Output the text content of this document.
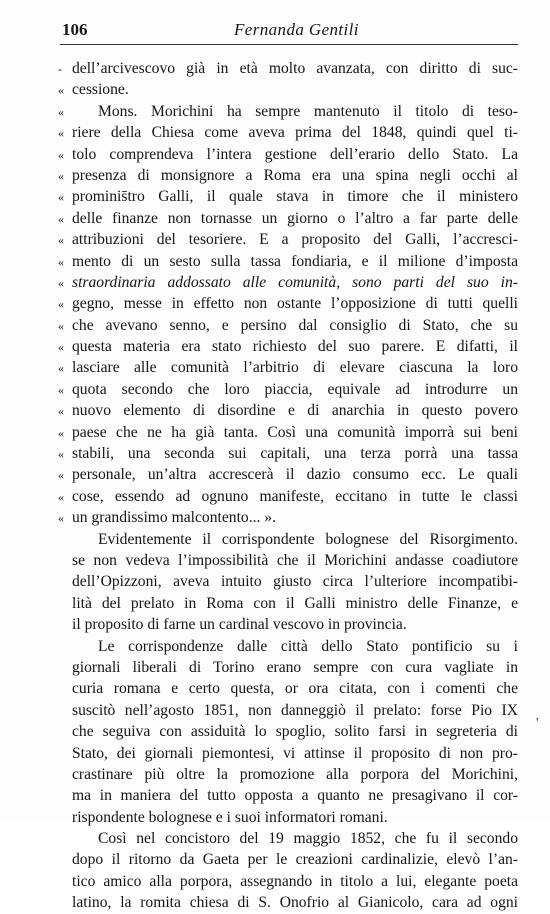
106	Fernanda Gentili
- dell’arcivescovo già in età molto avanzata, con diritto di suc-
« cessione.
«	Mons. Morichini ha sempre mantenuto il titolo di teso-
« riere della Chiesa come aveva prima del 1848, quindi quel ti-
« tolo comprendeva l’intera gestione dell’erario dello Stato. La
« presenza di monsignore a Roma era una spina negli occhi al
« prominis̄tro Galli, il quale stava in timore che il ministero
« delle finanze non tornasse un giorno o l’altro a far parte delle
« attribuzioni del tesoriere. E a proposito del Galli, l’accresci-
« mento di un sesto sulla tassa fondiaria, e il milione d’imposta
« straordinaria addossato alle comunità, sono parti del suo in-
« gegno, messe in effetto non ostante l’opposizione di tutti quelli
« che avevano senno, e persino dal consiglio di Stato, che su
« questa materia era stato richiesto del suo parere. E difatti, il
« lasciare alle comunità l’arbitrio di elevare ciascuna la loro
« quota secondo che loro piaccia, equivale ad introdurre un
« nuovo elemento di disordine e di anarchia in questo povero
« paese che ne ha già tanta. Così una comunità imporrà sui beni
« stabili, una seconda sui capitali, una terza porrà una tassa
« personale, un’altra accrescerà il dazio consumo ecc. Le quali
« cose, essendo ad ognuno manifeste, eccitano in tutte le classi
« un grandissimo malcontento... ».
Evidentemente il corrispondente bolognese del Risorgimento.
se non vedeva l’impossibilità che il Morichini andasse coadiutore
dell’Opizzoni, aveva intuito giusto circa l’ulteriore incompatibi-
lità del prelato in Roma con il Galli ministro delle Finanze, e
il proposito di farne un cardinal vescovo in provincia.
Le corrispondenze dalle città dello Stato pontificio su i
giornali liberali di Torino erano sempre con cura vagliate in
curia romana e certo questa, or ora citata, con i comenti che
suscitò nell’agosto 1851, non danneggiò il prelato: forse Pio IX
che seguiva con assiduità lo spoglio, solito farsi in segreteria di
Stato, dei giornali piemontesi, vi attinse il proposito di non pro-
crastinare più oltre la promozione alla porpora del Morichini,
ma in maniera del tutto opposta a quanto ne presagivano il cor-
rispondente bolognese e i suoi informatori romani.
Così nel concistoro del 19 maggio 1852, che fu il secondo
dopo il ritorno da Gaeta per le creazioni cardinalizie, elevò l’an-
tico amico alla porpora, assegnando in titolo a lui, elegante poeta
latino, la romita chiesa di S. Onofrio al Gianicolo, cara ad ogni
'
